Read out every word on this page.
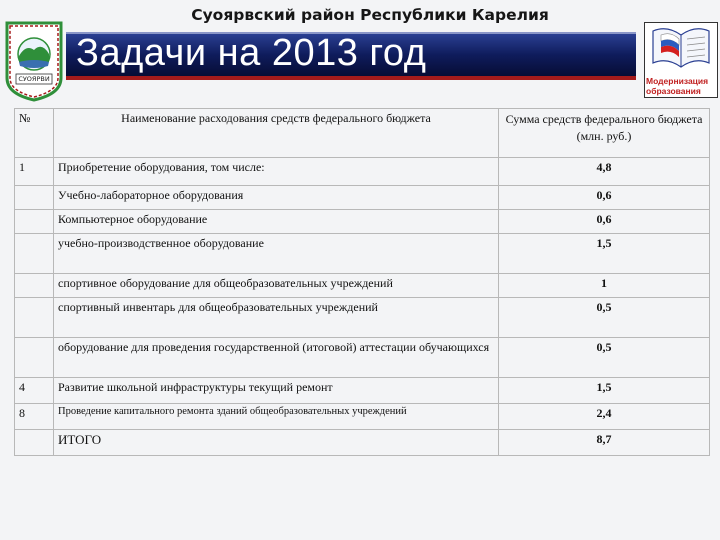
Суоярвский район Республики Карелия
Задачи на 2013 год
СУОЯРВИ	Модернизация
образования
№	Наименование расходования средств федерального бюджета	Сумма средств федерального бюджета (млн. руб.)
1	Приобретение оборудования, том числе:	4,8
	Учебно-лабораторное оборудования	0,6
	Компьютерное оборудование	0,6
	учебно-производственное оборудование	1,5
	спортивное оборудование для общеобразовательных учреждений	1
	спортивный инвентарь для общеобразовательных учреждений	0,5
	оборудование для проведения государственной (итоговой) аттестации обучающихся	0,5
4	Развитие школьной инфраструктуры текущий ремонт	1,5
8	Проведение капитального ремонта зданий общеобразовательных учреждений	2,4
	ИТОГО	8,7
